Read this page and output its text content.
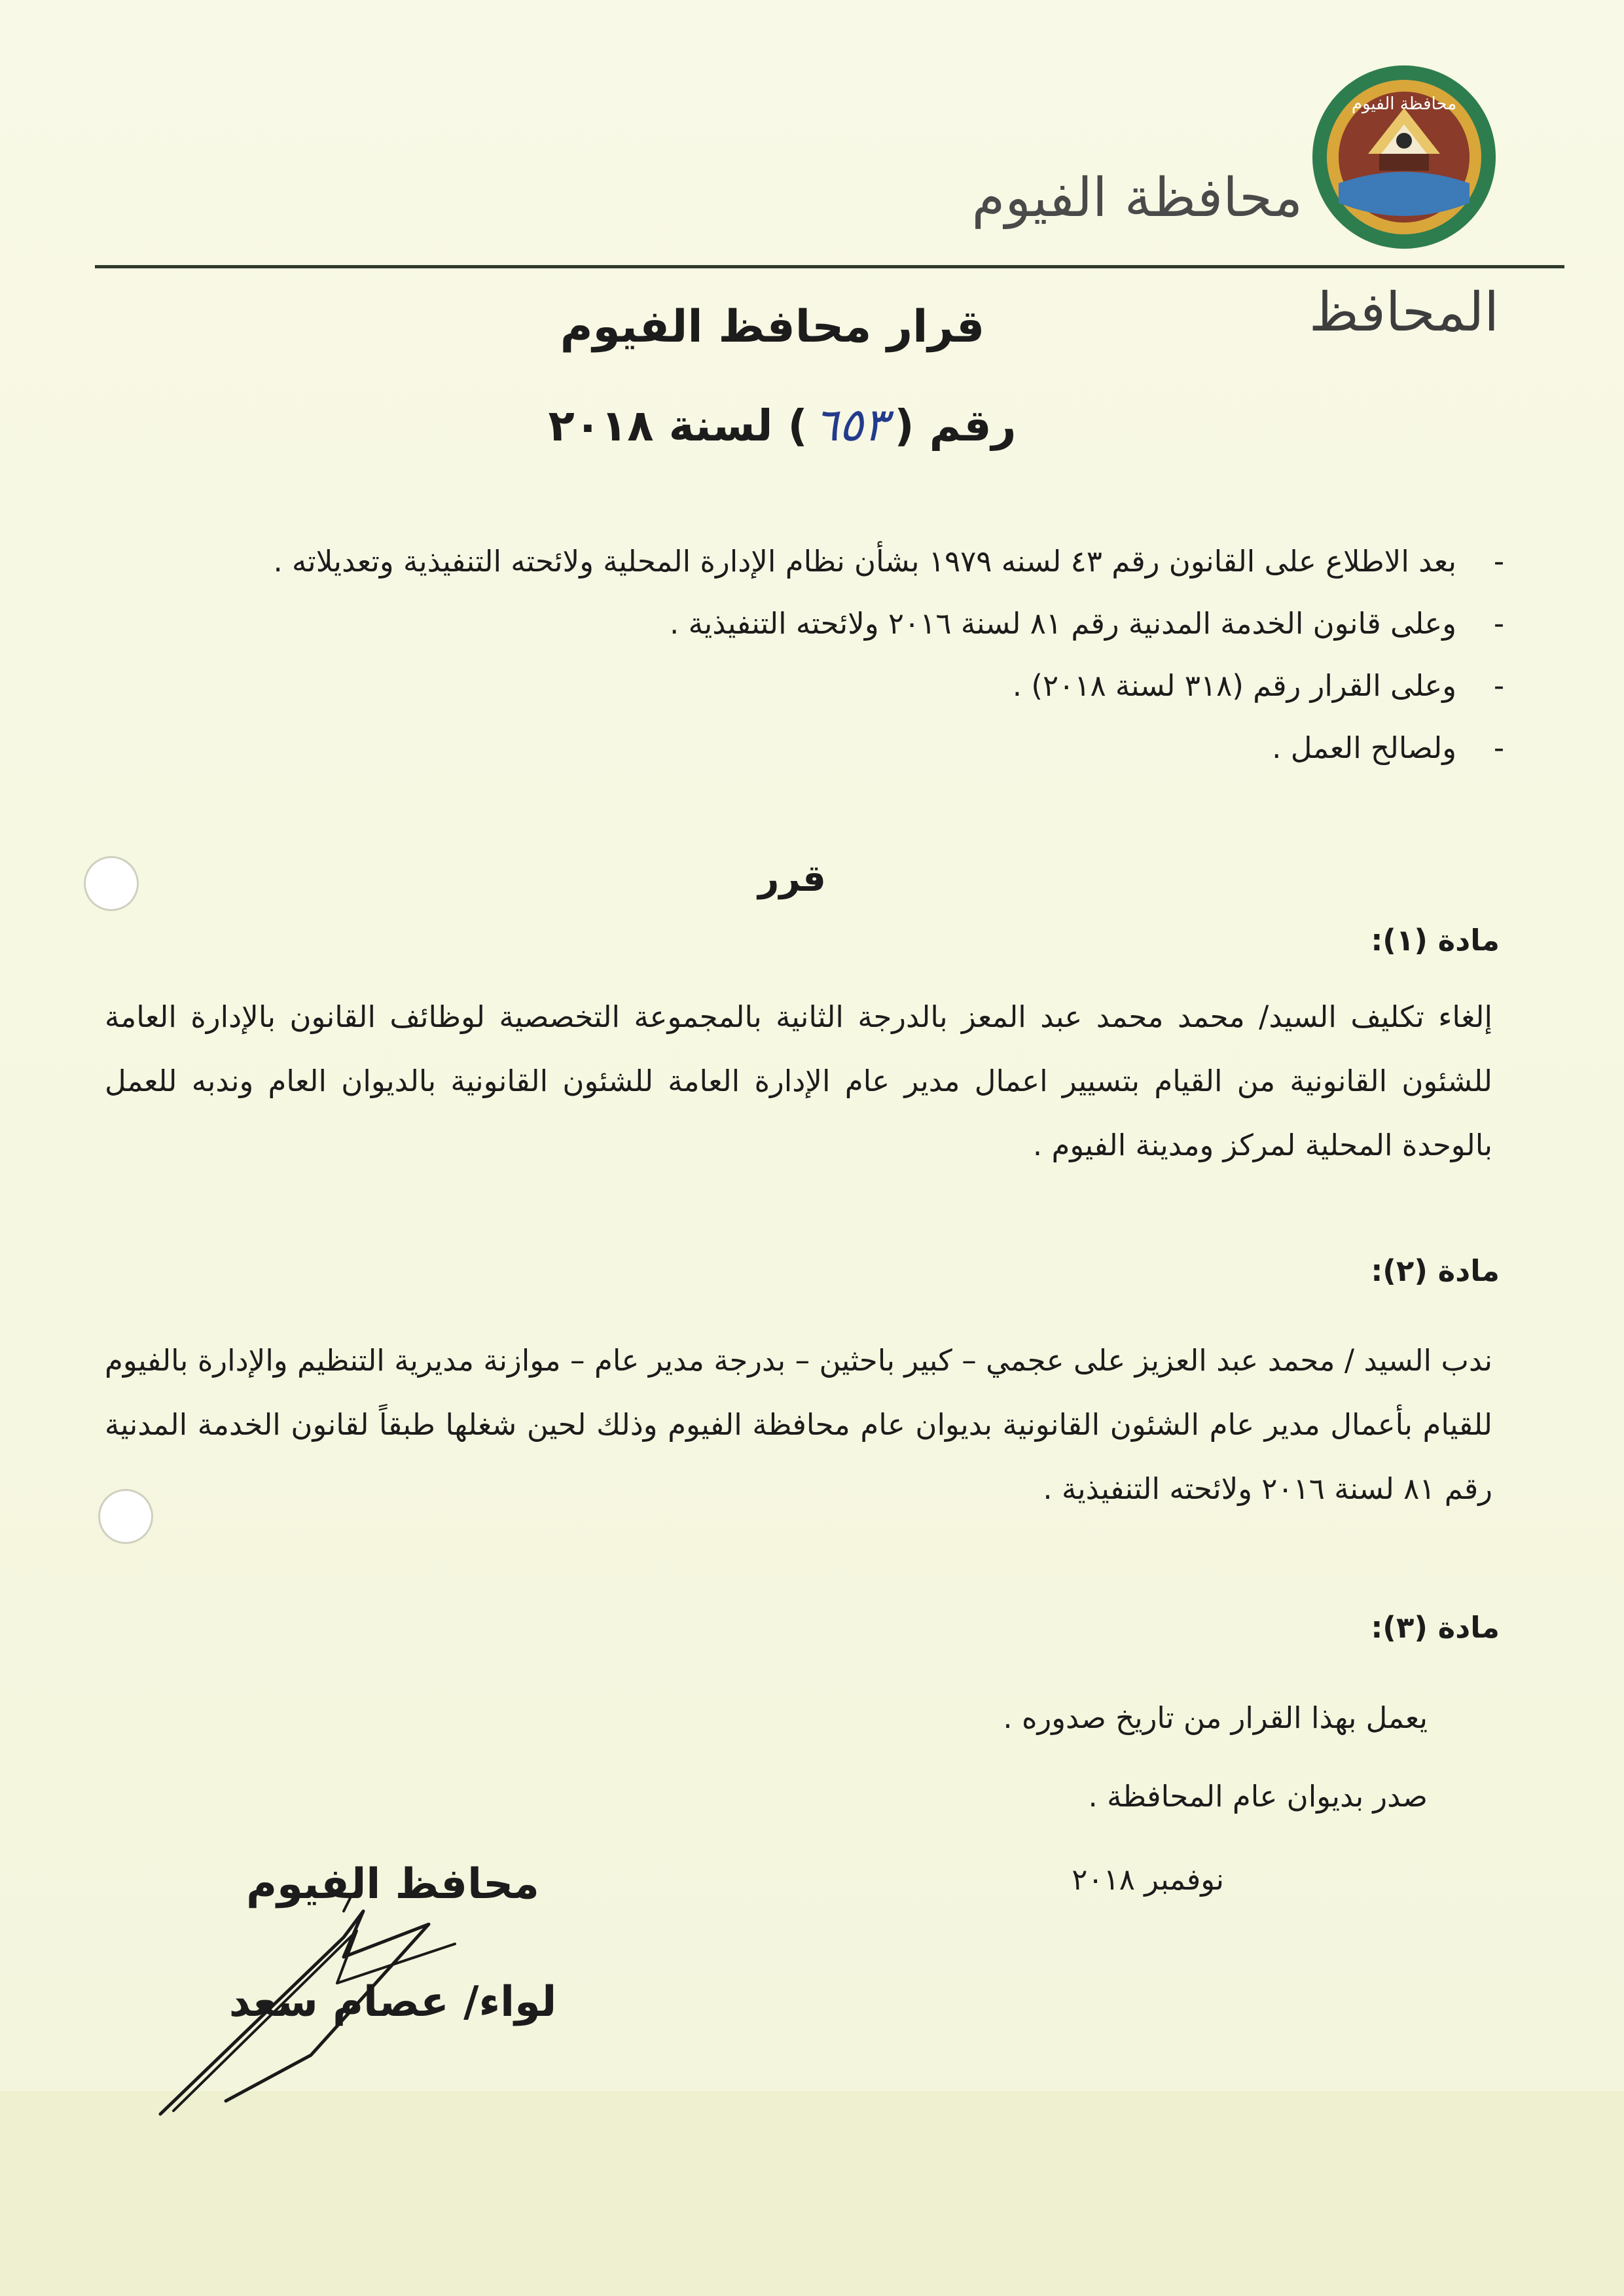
محافظة الفيوم
محافظة الفيوم
المحافظ
قرار محافظ الفيوم
رقم (٦٥٣) لسنة ٢٠١٨
-
بعد الاطلاع على القانون رقم ٤٣ لسنه ١٩٧٩ بشأن نظام الإدارة المحلية ولائحته التنفيذية وتعديلاته .
-
وعلى قانون الخدمة المدنية رقم ٨١ لسنة ٢٠١٦ ولائحته التنفيذية .
-
وعلى القرار رقم (٣١٨ لسنة ٢٠١٨) .
-
ولصالح العمل .
قرر
مادة (١):
إلغاء تكليف السيد/ محمد محمد عبد المعز بالدرجة الثانية بالمجموعة التخصصية لوظائف القانون بالإدارة العامة للشئون القانونية من القيام بتسيير اعمال مدير عام الإدارة العامة للشئون القانونية بالديوان العام وندبه للعمل بالوحدة المحلية لمركز ومدينة الفيوم .
مادة (٢):
ندب السيد / محمد عبد العزيز على عجمي – كبير باحثين – بدرجة مدير عام – موازنة مديرية التنظيم والإدارة بالفيوم للقيام بأعمال مدير عام الشئون القانونية بديوان عام محافظة الفيوم وذلك لحين شغلها طبقاً لقانون الخدمة المدنية رقم ٨١ لسنة ٢٠١٦ ولائحته التنفيذية .
مادة (٣):
يعمل بهذا القرار من تاريخ صدوره .
صدر بديوان عام المحافظة .
نوفمبر ٢٠١٨
محافظ الفيوم
لواء/ عصام سعد
